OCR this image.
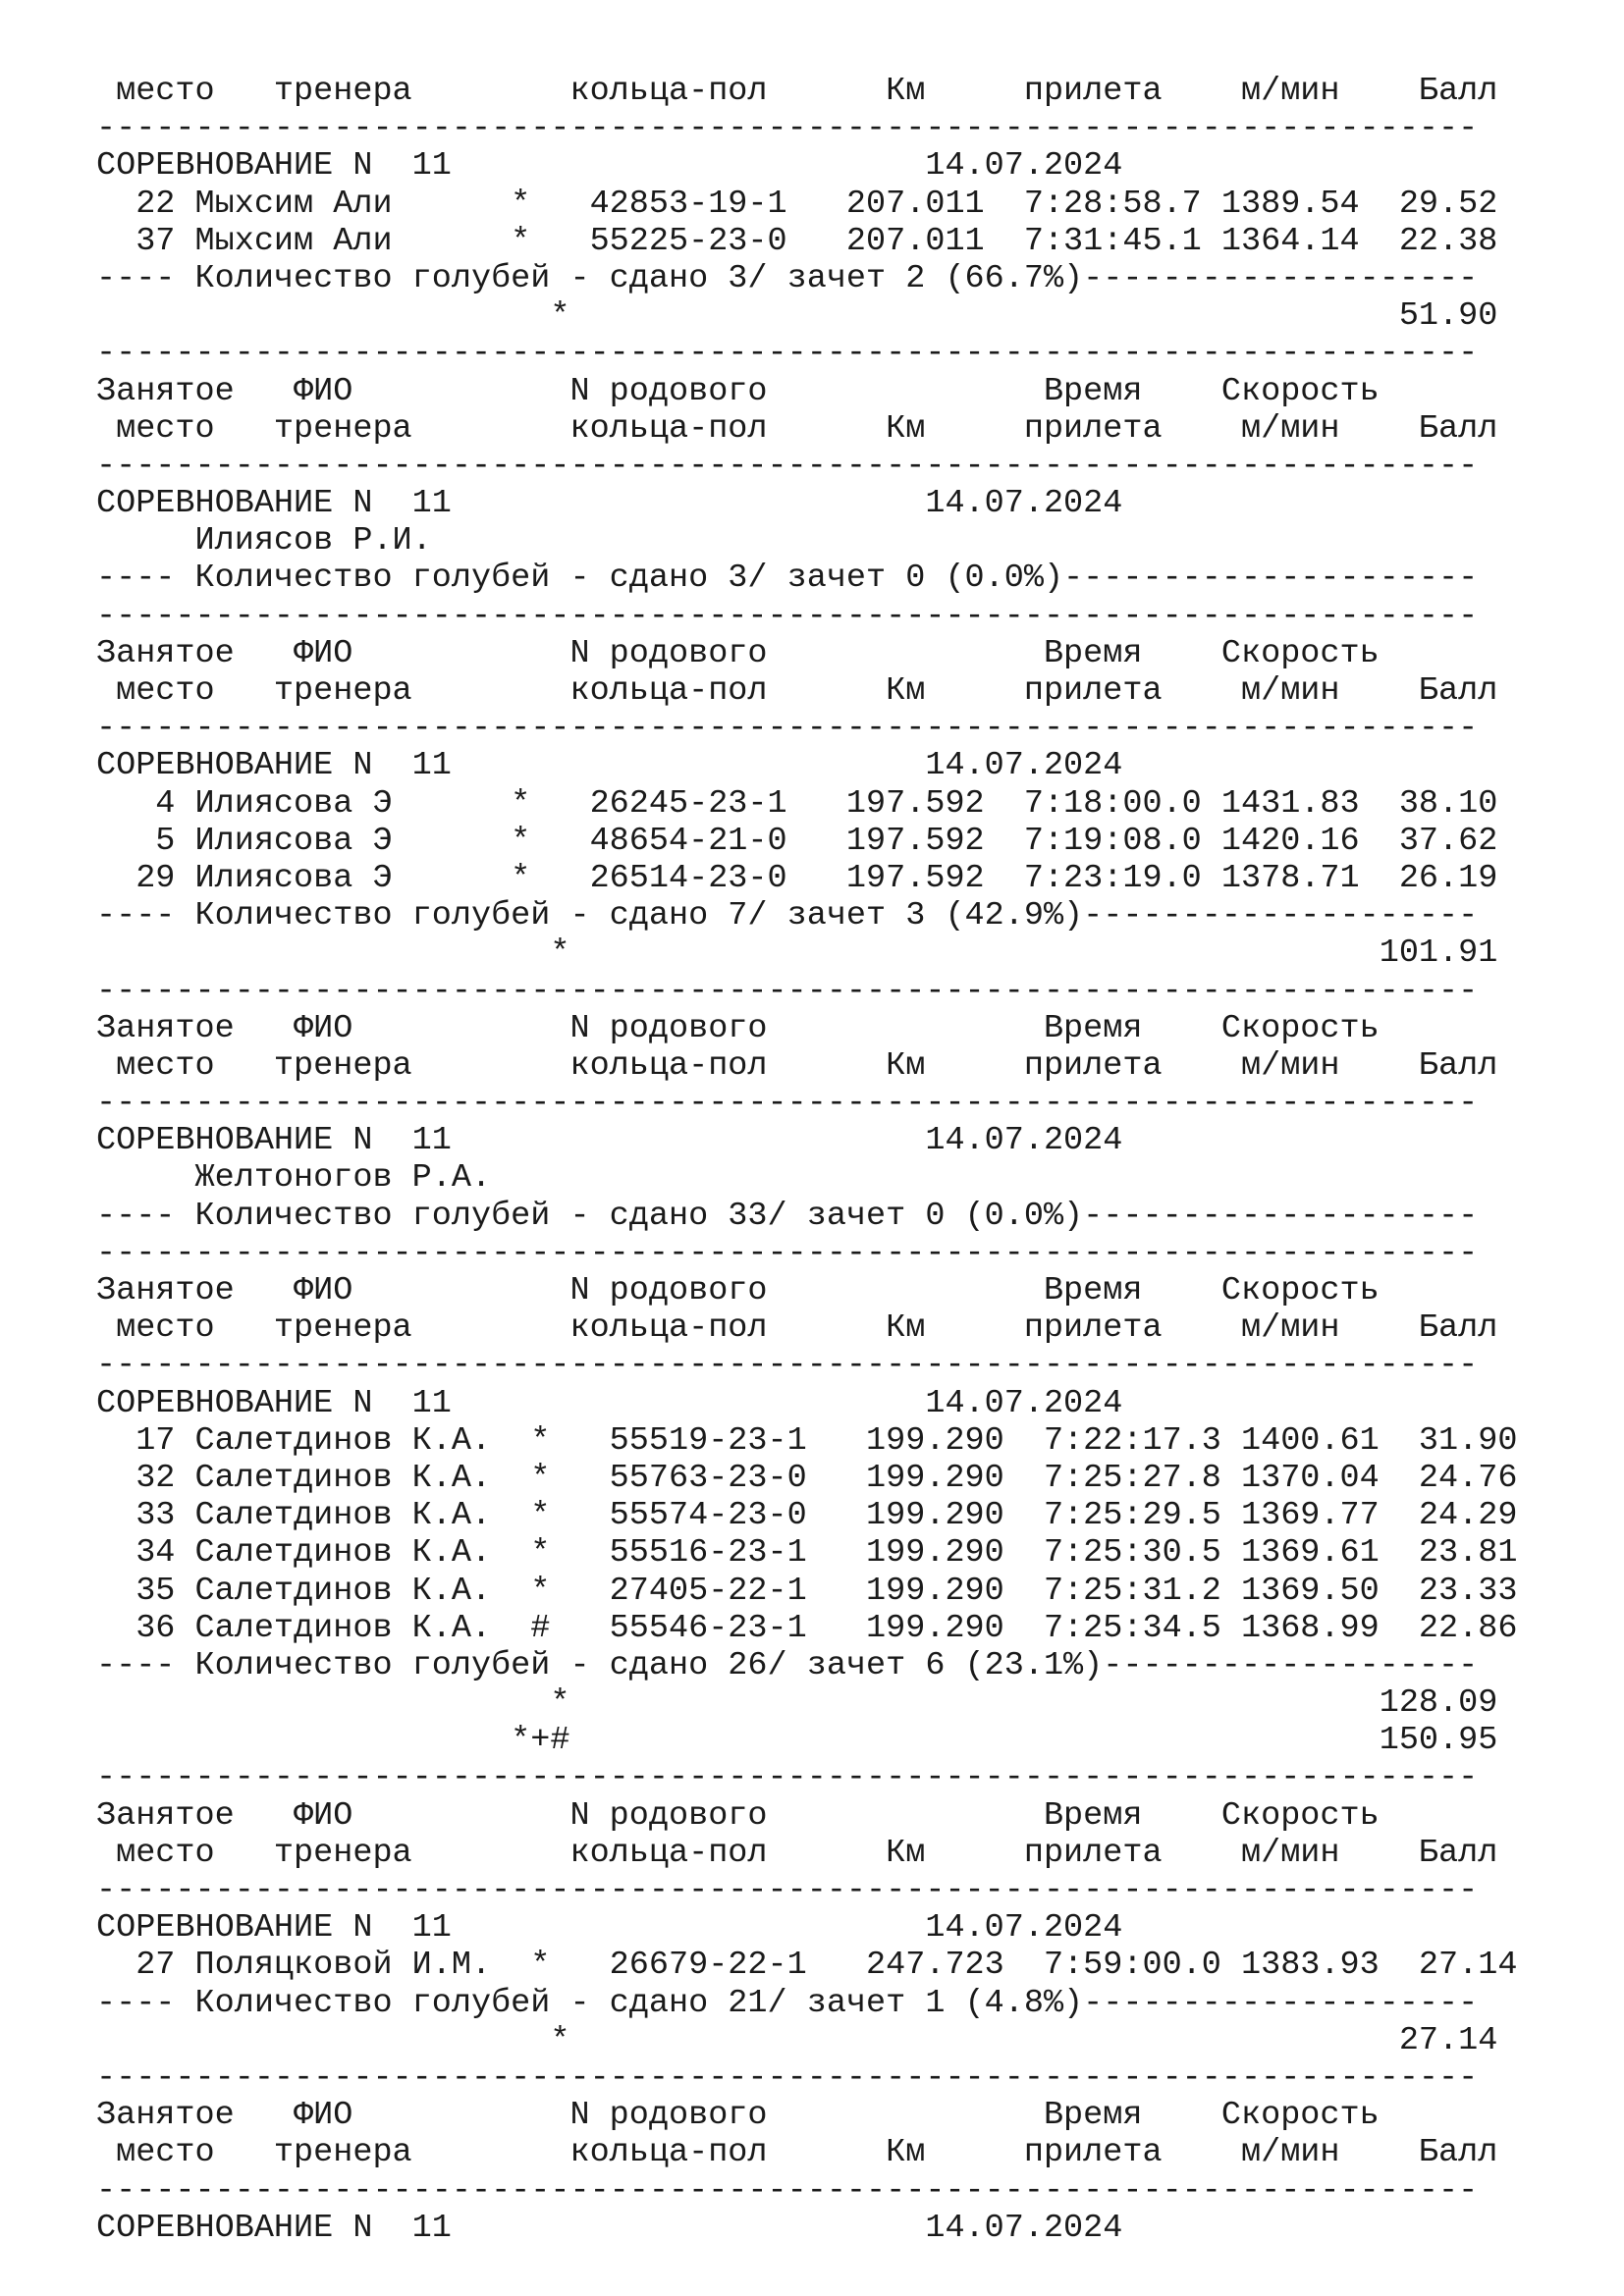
место   тренера        кольца-пол      Км     прилета    м/мин    Балл
----------------------------------------------------------------------
СОРЕВНОВАНИЕ N  11                        14.07.2024
22 Мыхсим Али      *   42853-19-1   207.011  7:28:58.7 1389.54  29.52
37 Мыхсим Али      *   55225-23-0   207.011  7:31:45.1 1364.14  22.38
---- Количество голубей - сдано 3/ зачет 2 (66.7%)--------------------
*                                          51.90
----------------------------------------------------------------------
Занятое   ФИО           N родового              Время    Скорость
место   тренера        кольца-пол      Км     прилета    м/мин    Балл
----------------------------------------------------------------------
СОРЕВНОВАНИЕ N  11                        14.07.2024
Илиясов Р.И.
---- Количество голубей - сдано 3/ зачет 0 (0.0%)---------------------
----------------------------------------------------------------------
Занятое   ФИО           N родового              Время    Скорость
место   тренера        кольца-пол      Км     прилета    м/мин    Балл
----------------------------------------------------------------------
СОРЕВНОВАНИЕ N  11                        14.07.2024
4 Илиясова Э      *   26245-23-1   197.592  7:18:00.0 1431.83  38.10
5 Илиясова Э      *   48654-21-0   197.592  7:19:08.0 1420.16  37.62
29 Илиясова Э      *   26514-23-0   197.592  7:23:19.0 1378.71  26.19
---- Количество голубей - сдано 7/ зачет 3 (42.9%)--------------------
*                                         101.91
----------------------------------------------------------------------
Занятое   ФИО           N родового              Время    Скорость
место   тренера        кольца-пол      Км     прилета    м/мин    Балл
----------------------------------------------------------------------
СОРЕВНОВАНИЕ N  11                        14.07.2024
Желтоногов Р.А.
---- Количество голубей - сдано 33/ зачет 0 (0.0%)--------------------
----------------------------------------------------------------------
Занятое   ФИО           N родового              Время    Скорость
место   тренера        кольца-пол      Км     прилета    м/мин    Балл
----------------------------------------------------------------------
СОРЕВНОВАНИЕ N  11                        14.07.2024
17 Салетдинов К.А.  *   55519-23-1   199.290  7:22:17.3 1400.61  31.90
32 Салетдинов К.А.  *   55763-23-0   199.290  7:25:27.8 1370.04  24.76
33 Салетдинов К.А.  *   55574-23-0   199.290  7:25:29.5 1369.77  24.29
34 Салетдинов К.А.  *   55516-23-1   199.290  7:25:30.5 1369.61  23.81
35 Салетдинов К.А.  *   27405-22-1   199.290  7:25:31.2 1369.50  23.33
36 Салетдинов К.А.  #   55546-23-1   199.290  7:25:34.5 1368.99  22.86
---- Количество голубей - сдано 26/ зачет 6 (23.1%)-------------------
*                                         128.09
*+#                                         150.95
----------------------------------------------------------------------
Занятое   ФИО           N родового              Время    Скорость
место   тренера        кольца-пол      Км     прилета    м/мин    Балл
----------------------------------------------------------------------
СОРЕВНОВАНИЕ N  11                        14.07.2024
27 Поляцковой И.М.  *   26679-22-1   247.723  7:59:00.0 1383.93  27.14
---- Количество голубей - сдано 21/ зачет 1 (4.8%)--------------------
*                                          27.14
----------------------------------------------------------------------
Занятое   ФИО           N родового              Время    Скорость
место   тренера        кольца-пол      Км     прилета    м/мин    Балл
----------------------------------------------------------------------
СОРЕВНОВАНИЕ N  11                        14.07.2024
